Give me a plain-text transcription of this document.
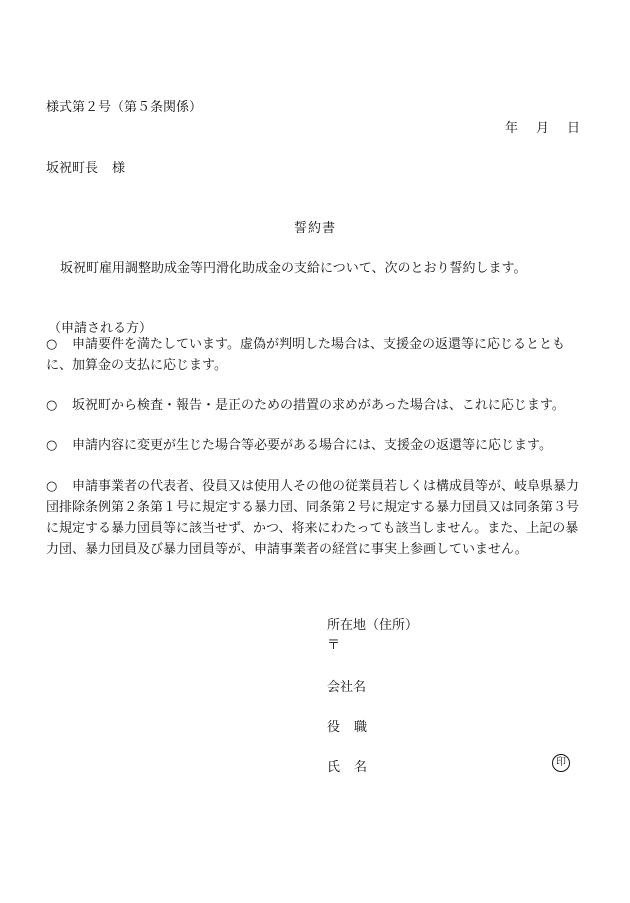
様式第２号（第５条関係）
年 月 日
坂祝町長 様
誓約書
坂祝町雇用調整助成金等円滑化助成金の支給について、次のとおり誓約します。
（申請される方）
○ 申請要件を満たしています。虚偽が判明した場合は、支援金の返還等に応じるとともに、加算金の支払に応じます。
○ 坂祝町から検査・報告・是正のための措置の求めがあった場合は、これに応じます。
○ 申請内容に変更が生じた場合等必要がある場合には、支援金の返還等に応じます。
○ 申請事業者の代表者、役員又は使用人その他の従業員若しくは構成員等が、岐阜県暴力団排除条例第２条第１号に規定する暴力団、同条第２号に規定する暴力団員又は同条第３号に規定する暴力団員等に該当せず、かつ、将来にわたっても該当しません。また、上記の暴力団、暴力団員及び暴力団員等が、申請事業者の経営に事実上参画していません。
所在地（住所）
〒
会社名
役 職
氏 名	印
